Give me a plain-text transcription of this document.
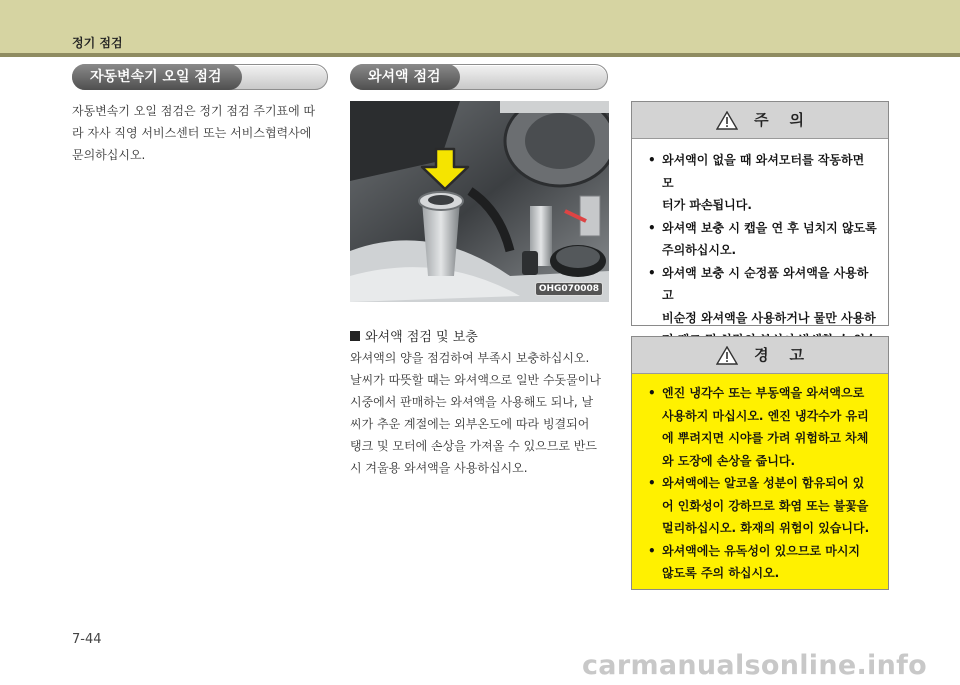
정기 점검
자동변속기 오일 점검
자동변속기 오일 점검은 정기 점검 주기표에 따
라 자사 직영 서비스센터 또는 서비스협력사에
문의하십시오.
와셔액 점검
OHG070008
와셔액 점검 및 보충
와셔액의 양을 점검하여 부족시 보충하십시오.
날씨가 따뜻할 때는 와셔액으로 일반 수돗물이나
시중에서 판매하는 와셔액을 사용해도 되나, 날
씨가 추운 계절에는 외부온도에 따라 빙결되어
탱크 및 모터에 손상을 가져올 수 있으므로 반드
시 겨울용 와셔액을 사용하십시오.
주    의
• 와셔액이 없을 때 와셔모터를 작동하면 모
터가 파손됩니다.
• 와셔액 보충 시 캡을 연 후 넘치지 않도록
주의하십시오.
• 와셔액 보충 시 순정품 와셔액을 사용하고
비순정 와셔액을 사용하거나 물만 사용하
경    고
• 엔진 냉각수 또는 부동액을 와셔액으로
사용하지 마십시오. 엔진 냉각수가 유리
에 뿌려지면 시야를 가려 위험하고 차체
와 도장에 손상을 줍니다.
• 와셔액에는 알코올 성분이 함유되어 있
어 인화성이 강하므로 화염 또는 불꽃을
멀리하십시오. 화재의 위험이 있습니다.
• 와셔액에는 유독성이 있으므로 마시지
않도록 주의 하십시오.
7-44
carmanualsonline.info
